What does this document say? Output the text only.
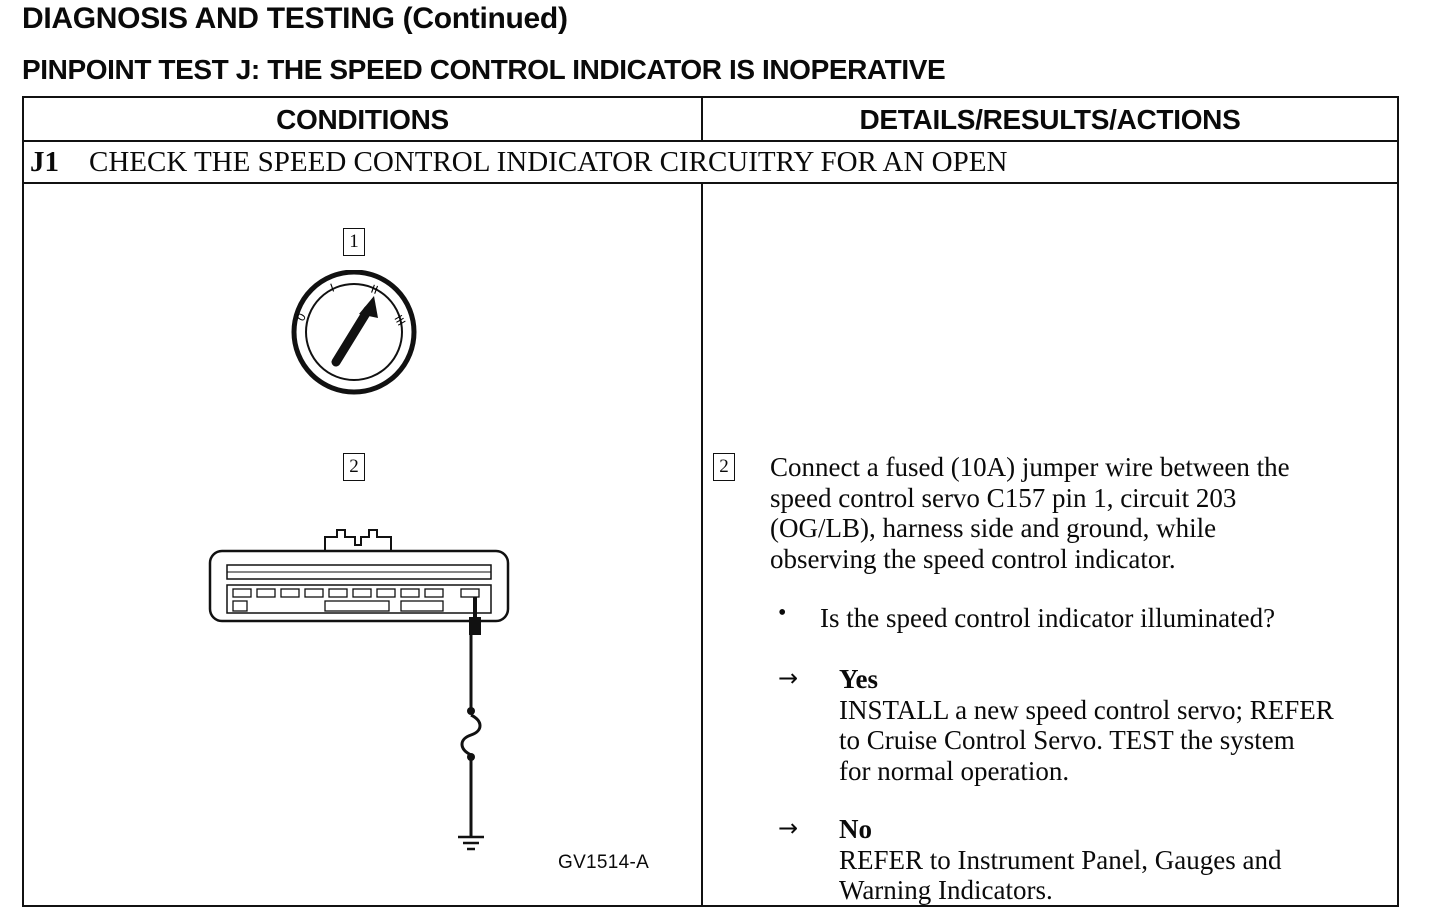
DIAGNOSIS AND TESTING (Continued)
PINPOINT TEST J: THE SPEED CONTROL INDICATOR IS INOPERATIVE
CONDITIONS	DETAILS/RESULTS/ACTIONS
J1 CHECK THE SPEED CONTROL INDICATOR CIRCUITRY FOR AN OPEN
1
0
I	II
III
2
GV1514-A
2 Connect a fused (10A) jumper wire between the
speed control servo C157 pin 1, circuit 203
(OG/LB), harness side and ground, while
observing the speed control indicator.
• Is the speed control indicator illuminated?
→ Yes
INSTALL a new speed control servo; REFER
to Cruise Control Servo. TEST the system
for normal operation.
→ No
REFER to Instrument Panel, Gauges and
Warning Indicators.
